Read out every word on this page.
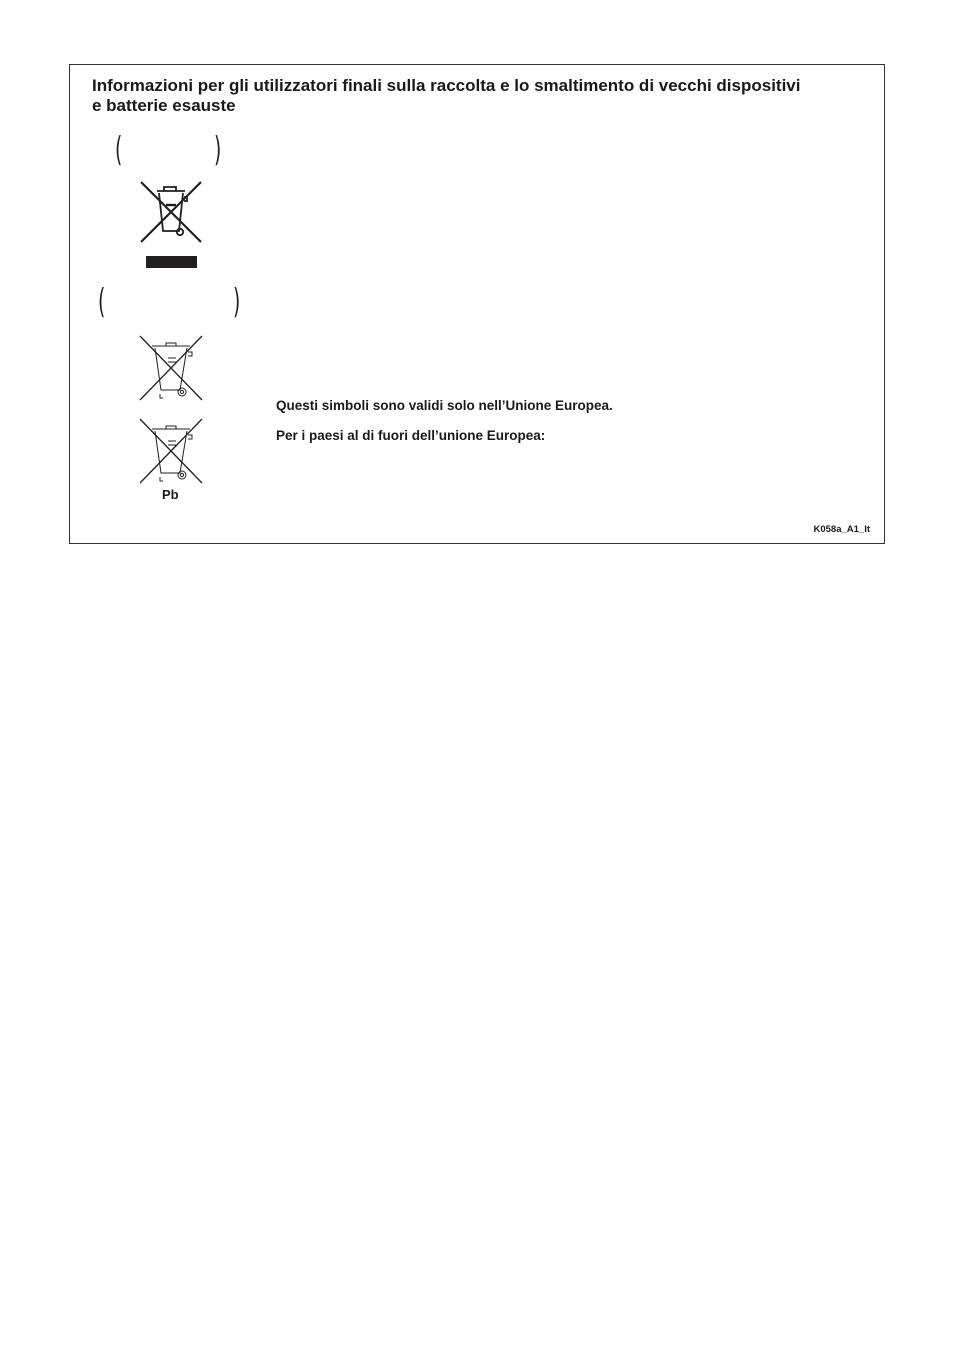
Informazioni per gli utilizzatori finali sulla raccolta e lo smaltimento di vecchi dispositivi e batterie esauste
(	)
(	)
Pb

Questi simboli sono validi solo nell’Unione Europea.

Per i paesi al di fuori dell’unione Europea:

K058a_A1_It
